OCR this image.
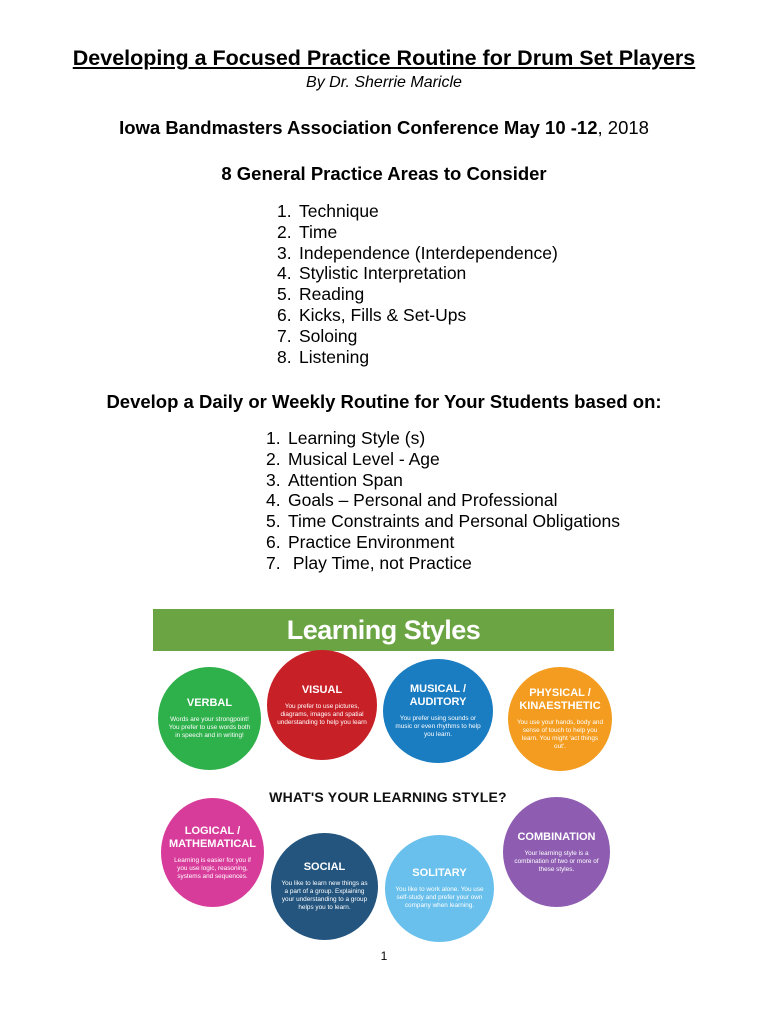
Developing a Focused Practice Routine for Drum Set Players
By Dr. Sherrie Maricle
Iowa Bandmasters Association Conference May 10 -12, 2018
8 General Practice Areas to Consider
1. Technique
2. Time
3. Independence (Interdependence)
4. Stylistic Interpretation
5. Reading
6. Kicks, Fills & Set-Ups
7. Soloing
8. Listening
Develop a Daily or Weekly Routine for Your Students based on:
1. Learning Style (s)
2. Musical Level - Age
3. Attention Span
4. Goals – Personal and Professional
5. Time Constraints and Personal Obligations
6. Practice Environment
7. Play Time, not Practice
Learning Styles
VERBAL
Words are your strongpoint! You prefer to use words both in speech and in writing!
VISUAL
You prefer to use pictures, diagrams, images and spatial understanding to help you learn
MUSICAL / AUDITORY
You prefer using sounds or music or even rhythms to help you learn.
PHYSICAL / KINAESTHETIC
You use your hands, body and sense of touch to help you learn. You might 'act things out'.
WHAT'S YOUR LEARNING STYLE?
LOGICAL / MATHEMATICAL
Learning is easier for you if you use logic, reasoning, systems and sequences.
SOCIAL
You like to learn new things as a part of a group. Explaining your understanding to a group helps you to learn.
SOLITARY
You like to work alone. You use self-study and prefer your own company when learning.
COMBINATION
Your learning style is a combination of two or more of these styles.
1
